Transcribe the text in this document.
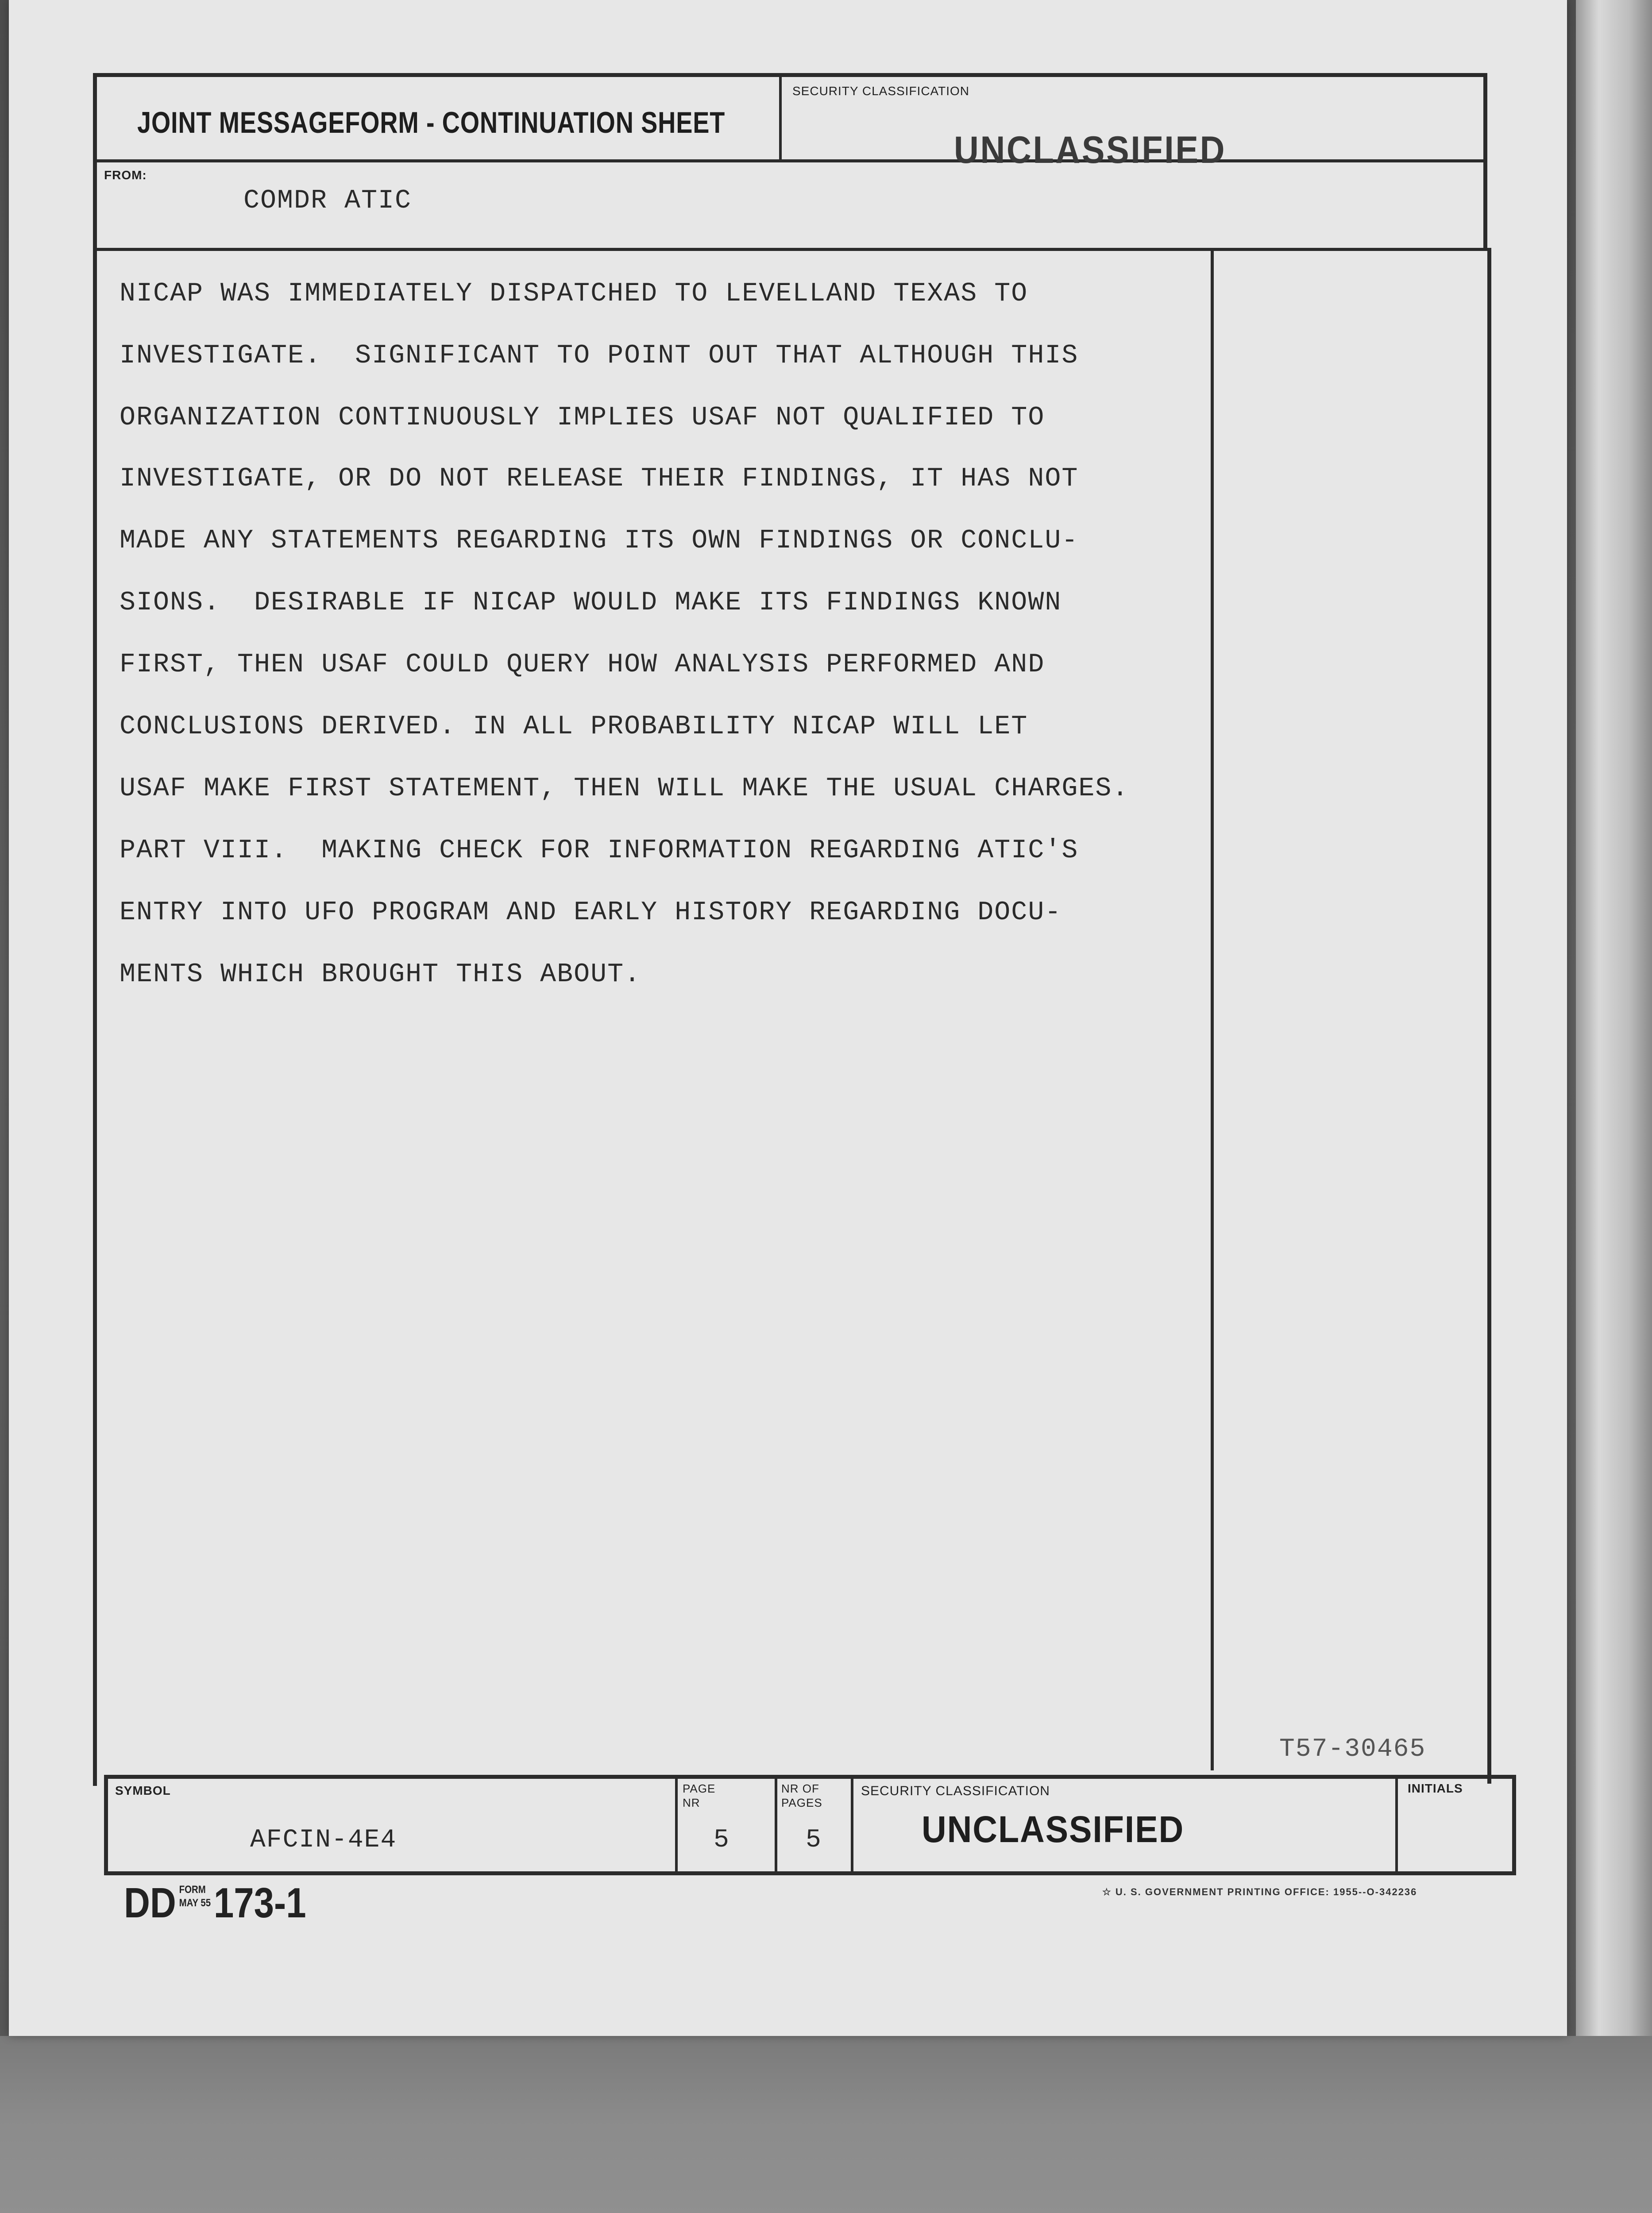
JOINT MESSAGEFORM - CONTINUATION SHEET
SECURITY CLASSIFICATION
UNCLASSIFIED
FROM:
COMDR ATIC
NICAP WAS IMMEDIATELY DISPATCHED TO LEVELLAND TEXAS TO
INVESTIGATE.  SIGNIFICANT TO POINT OUT THAT ALTHOUGH THIS
ORGANIZATION CONTINUOUSLY IMPLIES USAF NOT QUALIFIED TO
INVESTIGATE, OR DO NOT RELEASE THEIR FINDINGS, IT HAS NOT
MADE ANY STATEMENTS REGARDING ITS OWN FINDINGS OR CONCLU-
SIONS.  DESIRABLE IF NICAP WOULD MAKE ITS FINDINGS KNOWN
FIRST, THEN USAF COULD QUERY HOW ANALYSIS PERFORMED AND
CONCLUSIONS DERIVED. IN ALL PROBABILITY NICAP WILL LET
USAF MAKE FIRST STATEMENT, THEN WILL MAKE THE USUAL CHARGES.
PART VIII.  MAKING CHECK FOR INFORMATION REGARDING ATIC'S
ENTRY INTO UFO PROGRAM AND EARLY HISTORY REGARDING DOCU-
MENTS WHICH BROUGHT THIS ABOUT.
T57-30465
SYMBOL
AFCIN-4E4
PAGE
NR
5
NR OF
PAGES
5
SECURITY CLASSIFICATION
UNCLASSIFIED
INITIALS
DD FORM
MAY 55173-1	☆ U. S. GOVERNMENT PRINTING OFFICE: 1955--O-342236
